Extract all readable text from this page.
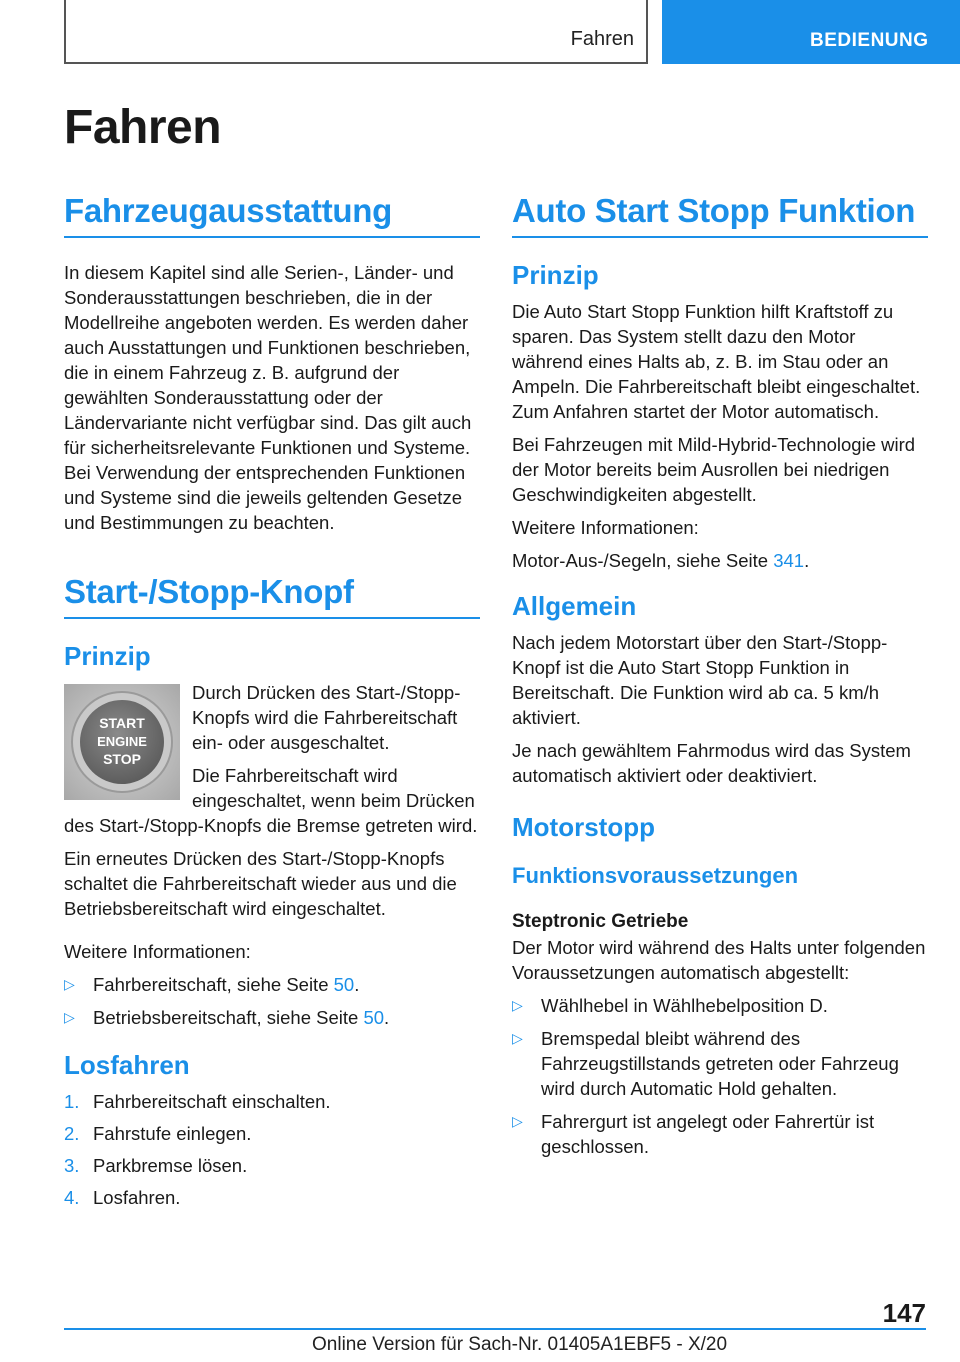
Fahren	BEDIENUNG
Fahren
Fahrzeugausstattung

In diesem Kapitel sind alle Serien-, Länder- und Sonderausstattungen beschrieben, die in der Modellreihe angeboten werden. Es werden daher auch Ausstattungen und Funktionen beschrieben, die in einem Fahrzeug z. B. aufgrund der gewählten Sonderausstattung oder der Ländervariante nicht verfügbar sind. Das gilt auch für sicherheitsrelevante Funktionen und Systeme. Bei Verwendung der entsprechenden Funktionen und Systeme sind die jeweils geltenden Gesetze und Bestimmungen zu beachten.

Start-/Stopp-Knopf
Prinzip
START
ENGINE
STOP

Durch Drücken des Start-/Stopp-Knopfs wird die Fahrbereitschaft ein- oder ausgeschaltet.

Die Fahrbereitschaft wird eingeschaltet, wenn beim Drücken des Start-/Stopp-Knopfs die Bremse getreten wird.

Ein erneutes Drücken des Start-/Stopp-Knopfs schaltet die Fahrbereitschaft wieder aus und die Betriebsbereitschaft wird eingeschaltet.

Weitere Informationen:

▷ Fahrbereitschaft, siehe Seite 50.
▷ Betriebsbereitschaft, siehe Seite 50.
Losfahren
1. Fahrbereitschaft einschalten.
2. Fahrstufe einlegen.
3. Parkbremse lösen.
4. Losfahren.
Auto Start Stopp Funktion
Prinzip

Die Auto Start Stopp Funktion hilft Kraftstoff zu sparen. Das System stellt dazu den Motor während eines Halts ab, z. B. im Stau oder an Ampeln. Die Fahrbereitschaft bleibt eingeschaltet. Zum Anfahren startet der Motor automatisch.

Bei Fahrzeugen mit Mild-Hybrid-Technologie wird der Motor bereits beim Ausrollen bei niedrigen Geschwindigkeiten abgestellt.

Weitere Informationen:

Motor-Aus-/Segeln, siehe Seite 341.

Allgemein

Nach jedem Motorstart über den Start-/Stopp-Knopf ist die Auto Start Stopp Funktion in Bereitschaft. Die Funktion wird ab ca. 5 km/h aktiviert.

Je nach gewähltem Fahrmodus wird das System automatisch aktiviert oder deaktiviert.

Motorstopp
Funktionsvoraussetzungen
Steptronic Getriebe

Der Motor wird während des Halts unter folgenden Voraussetzungen automatisch abgestellt:

▷ Wählhebel in Wählhebelposition D.
▷ Bremspedal bleibt während des Fahrzeugstillstands getreten oder Fahrzeug wird durch Automatic Hold gehalten.
▷ Fahrergurt ist angelegt oder Fahrertür ist geschlossen.
147
Online Version für Sach-Nr. 01405A1EBF5 - X/20
